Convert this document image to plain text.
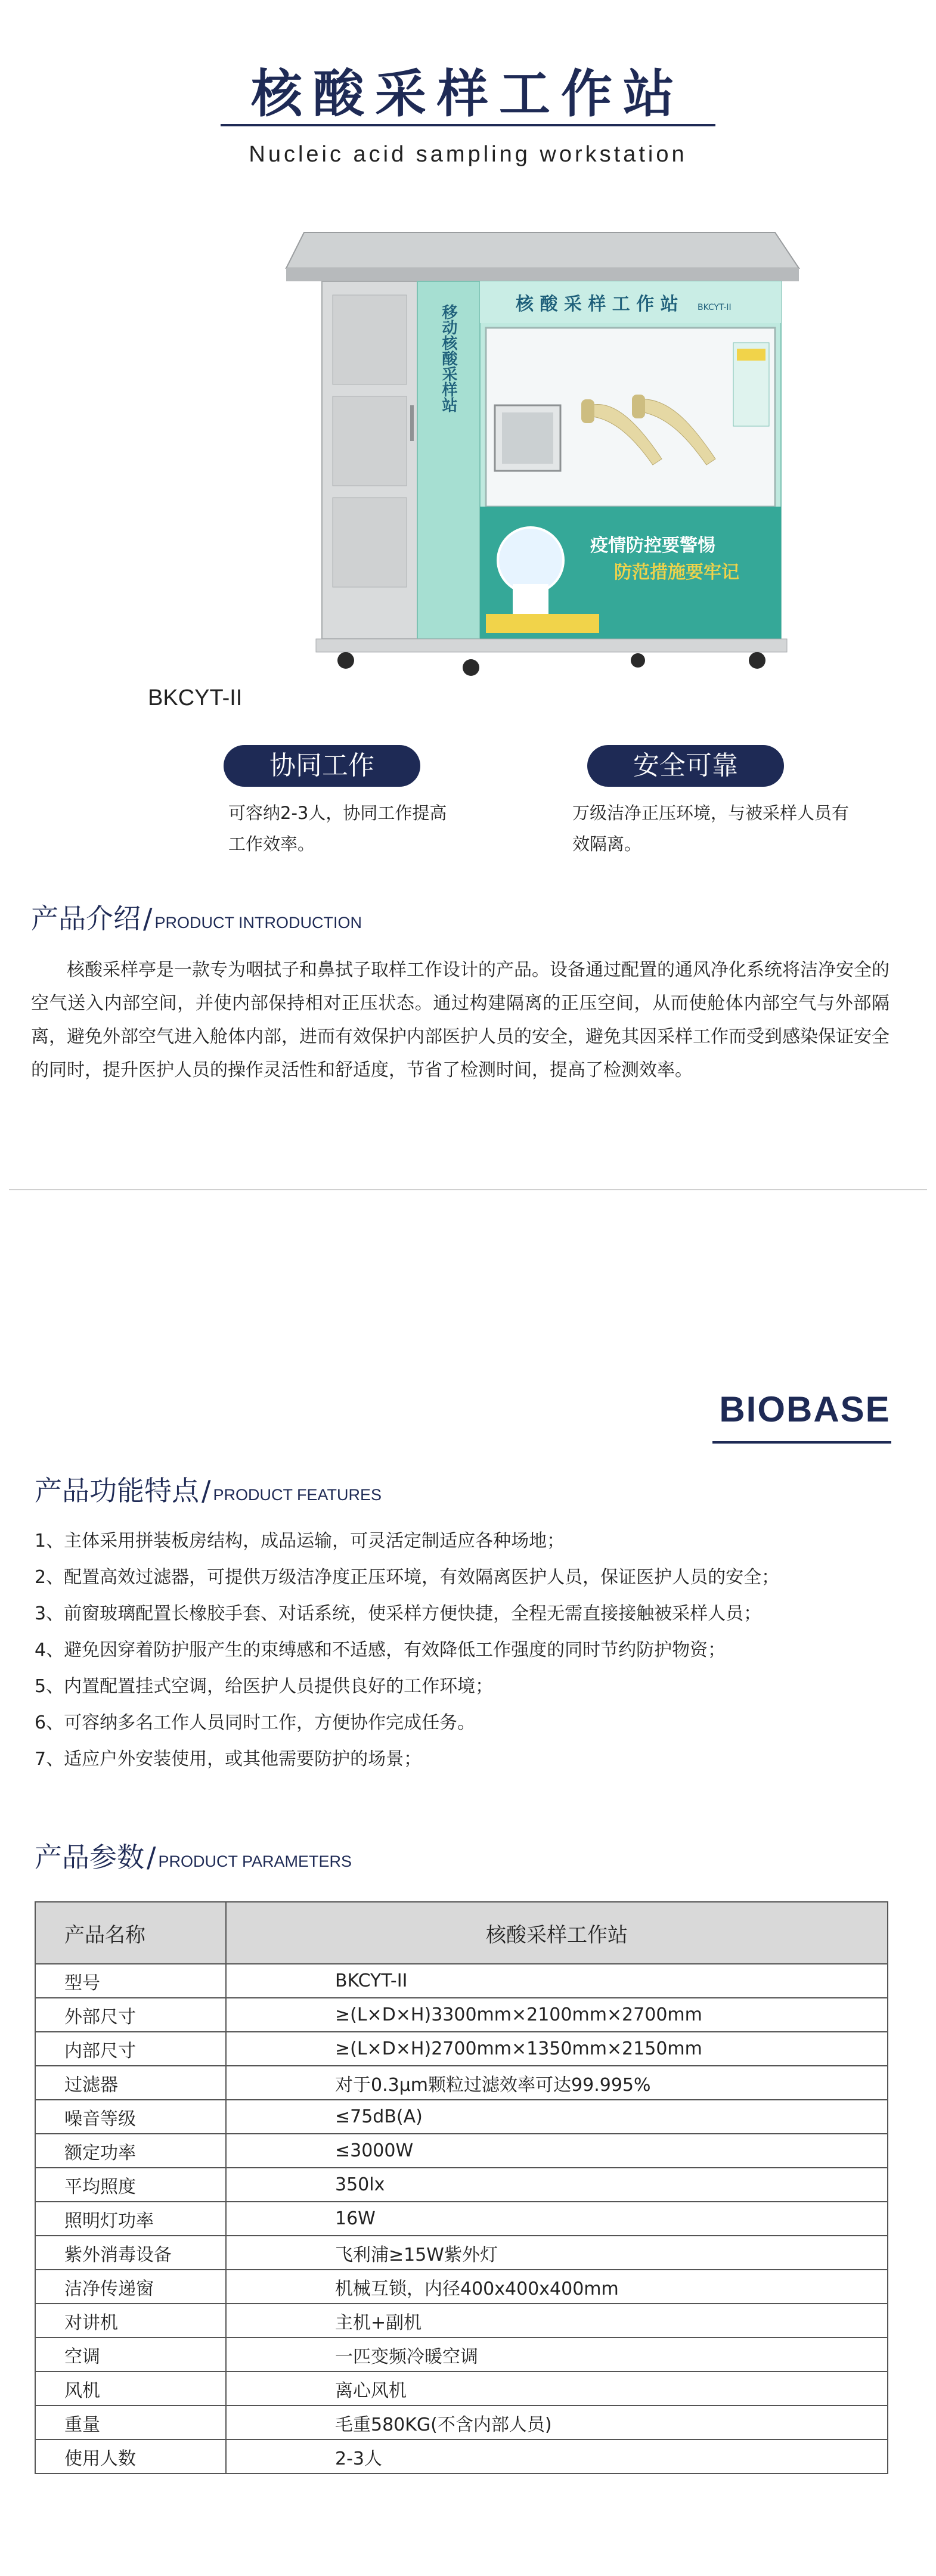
核酸采样工作站
Nucleic acid sampling workstation
移动核酸采样站	核 酸 采 样 工 作 站 BKCYT-II
疫情防控要警惕
防范措施要牢记
BKCYT-II
协同工作	安全可靠
可容纳2-3人，协同工作提高工作效率。
万级洁净正压环境，与被采样人员有效隔离。
产品介绍 / PRODUCT INTRODUCTION

核酸采样亭是一款专为咽拭子和鼻拭子取样工作设计的产品。设备通过配置的通风净化系统将洁净安全的空气送入内部空间，并使内部保持相对正压状态。通过构建隔离的正压空间，从而使舱体内部空气与外部隔离，避免外部空气进入舱体内部，进而有效保护内部医护人员的安全，避免其因采样工作而受到感染保证安全的同时，提升医护人员的操作灵活性和舒适度，节省了检测时间，提高了检测效率。

BIOBASE
产品功能特点 / PRODUCT FEATURES
1、主体采用拼装板房结构，成品运输，可灵活定制适应各种场地；
2、配置高效过滤器，可提供万级洁净度正压环境，有效隔离医护人员，保证医护人员的安全；
3、前窗玻璃配置长橡胶手套、对话系统，使采样方便快捷，全程无需直接接触被采样人员；
4、避免因穿着防护服产生的束缚感和不适感，有效降低工作强度的同时节约防护物资；
5、内置配置挂式空调，给医护人员提供良好的工作环境；
6、可容纳多名工作人员同时工作，方便协作完成任务。
7、适应户外安装使用，或其他需要防护的场景；
产品参数 / PRODUCT PARAMETERS
产品名称	核酸采样工作站
型号	BKCYT-II
外部尺寸	≥(L×D×H)3300mm×2100mm×2700mm
内部尺寸	≥(L×D×H)2700mm×1350mm×2150mm
过滤器	对于0.3μm颗粒过滤效率可达99.995%
噪音等级	≤75dB(A)
额定功率	≤3000W
平均照度	350lx
照明灯功率	16W
紫外消毒设备	飞利浦≥15W紫外灯
洁净传递窗	机械互锁，内径400x400x400mm
对讲机	主机+副机
空调	一匹变频冷暖空调
风机	离心风机
重量	毛重580KG(不含内部人员)
使用人数	2-3人
